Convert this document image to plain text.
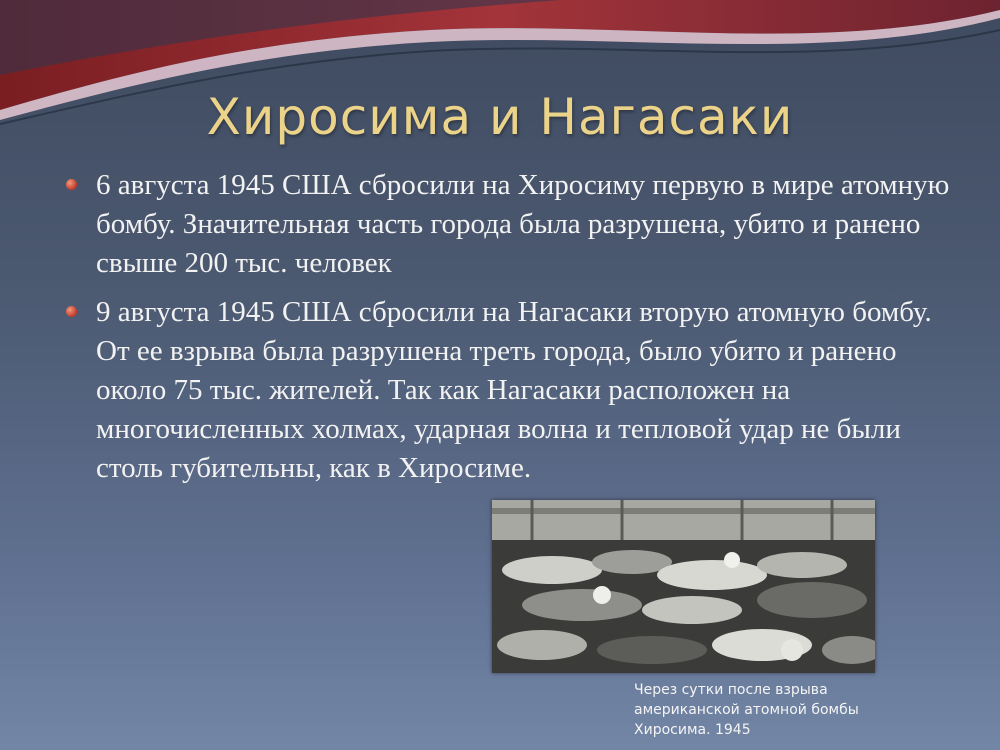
Хиросима и Нагасаки
6 августа 1945 США сбросили на Хиросиму первую в мире атомную бомбу. Значительная часть города была разрушена, убито и ранено свыше 200 тыс. человек
9 августа 1945 США сбросили на Нагасаки вторую атомную бомбу. От ее взрыва была разрушена треть города, было убито и ранено около 75 тыс. жителей. Так как Нагасаки расположен на многочисленных холмах, ударная волна и тепловой удар не были столь губительны, как в Хиросиме.
Через сутки после взрыва
американской атомной бомбы
Хиросима. 1945
